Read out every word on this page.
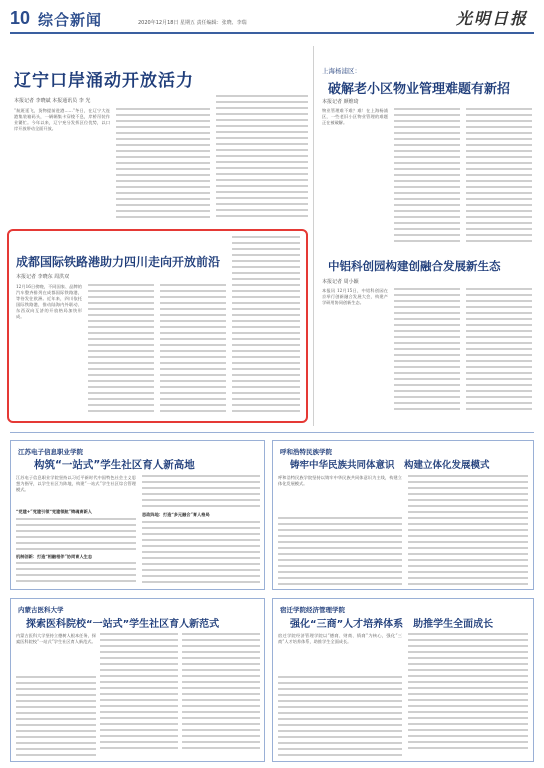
10 综合新闻	2020年12月18日 星期五 责任编辑：张晓、李瑞	光明日报
辽宁口岸涌动开放活力
本报记者 李晓斌 本报通讯员 李 光
“航班延飞，货物提前进港……”冬日，在辽宁大连港集装箱码头，一辆辆集卡穿梭不息，岸桥吊装作业繁忙。今年以来，辽宁充分发挥区位优势，以口岸开放带动全面开放。
上海杨浦区：
破解老小区物业管理难题有新招
本报记者 颜维琦
物业管理难不难？难！在上海杨浦区，一些老旧小区物业管理的难题正在被破解。
成都国际铁路港助力四川走向开放前沿
本报记者 李晓东 周洪双
12月16日傍晚，不同国家、品牌的汽车整齐排列在成都国际铁路港，等待发往欧洲。近年来，四川依托国际铁路港，推动陆海内外联动、东西双向互济的开放格局加快形成。
中铝科创园构建创融合发展新生态
本报记者 周小颖
本报讯 12月15日，中铝科创园在京举行创新融合发展大会，构建产学研用协同创新生态。
江苏电子信息职业学院
构筑“一站式”学生社区育人新高地
江苏电子信息职业学院坚持以习近平新时代中国特色社会主义思想为指导，以学生社区为阵地，构建“一站式”学生社区综合管理模式。
“党建+”党建引领“党建领航”铸魂育新人
机制创新：打造“相融相伴”协同育人生态
思政阵地：打造“多元融合”育人格局
呼和浩特民族学院
铸牢中华民族共同体意识　构建立体化发展模式
呼和浩特民族学院坚持以铸牢中华民族共同体意识为主线，构建立体化发展模式。
内蒙古医科大学
探索医科院校“一站式”学生社区育人新范式
内蒙古医科大学坚持立德树人根本任务，探索医科院校“一站式”学生社区育人新范式。
宿迁学院经济管理学院
强化“三商”人才培养体系　助推学生全面成长
宿迁学院经济管理学院以“德商、财商、情商”为核心，强化“三商”人才培养体系，助推学生全面成长。
